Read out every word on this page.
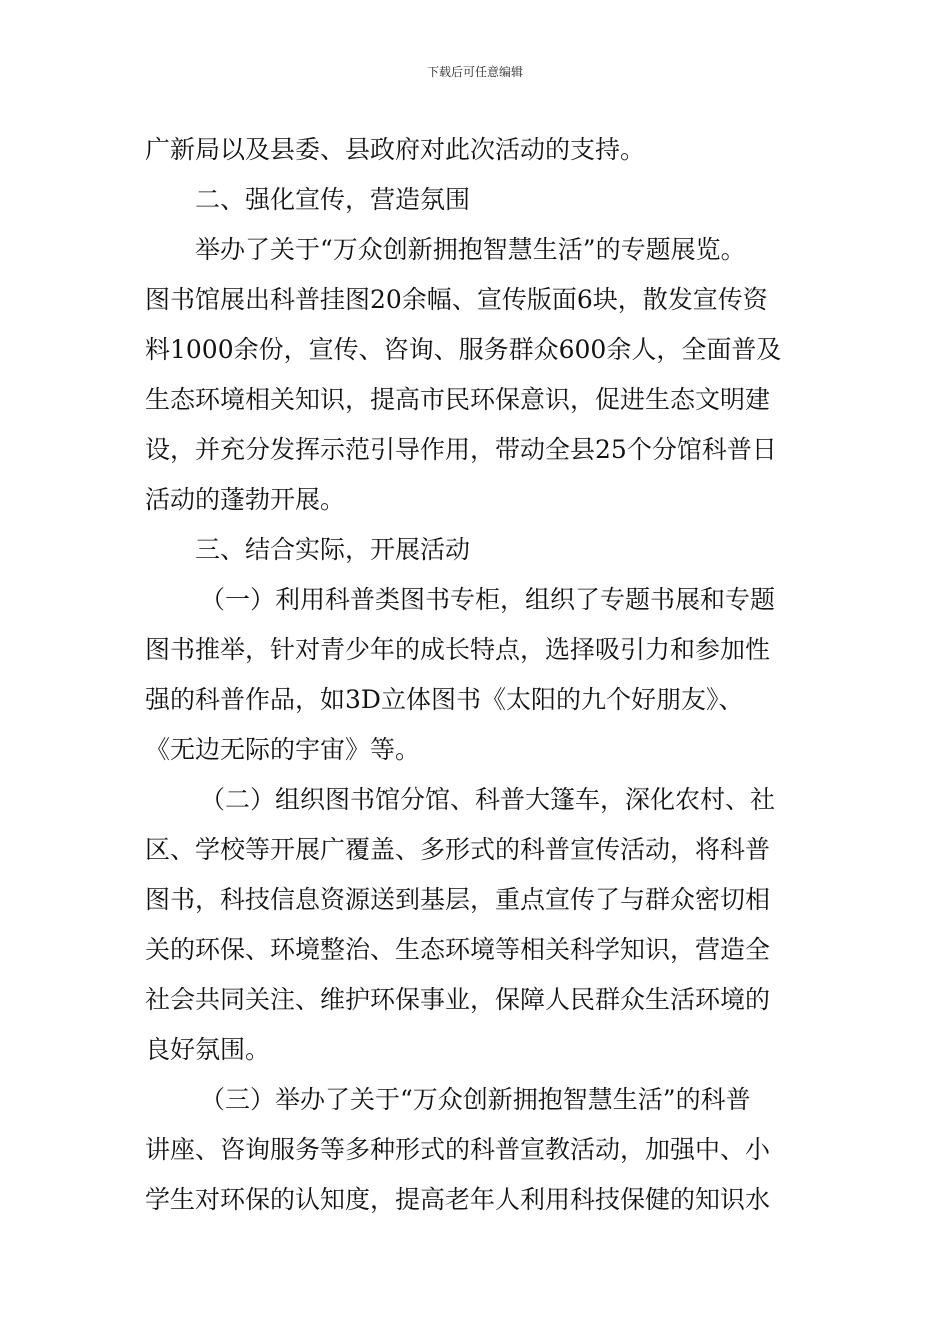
下载后可任意编辑
广新局以及县委、县政府对此次活动的支持。
二、强化宣传，营造氛围
举办了关于“万众创新拥抱智慧生活”的专题展览。
图书馆展出科普挂图20余幅、宣传版面6块，散发宣传资
料1000余份，宣传、咨询、服务群众600余人，全面普及
生态环境相关知识，提高市民环保意识，促进生态文明建
设，并充分发挥示范引导作用，带动全县25个分馆科普日
活动的蓬勃开展。
三、结合实际，开展活动
（一）利用科普类图书专柜，组织了专题书展和专题
图书推举，针对青少年的成长特点，选择吸引力和参加性
强的科普作品，如3D立体图书《太阳的九个好朋友》、
《无边无际的宇宙》等。
（二）组织图书馆分馆、科普大篷车，深化农村、社
区、学校等开展广覆盖、多形式的科普宣传活动，将科普
图书，科技信息资源送到基层，重点宣传了与群众密切相
关的环保、环境整治、生态环境等相关科学知识，营造全
社会共同关注、维护环保事业，保障人民群众生活环境的
良好氛围。
（三）举办了关于“万众创新拥抱智慧生活”的科普
讲座、咨询服务等多种形式的科普宣教活动，加强中、小
学生对环保的认知度，提高老年人利用科技保健的知识水
